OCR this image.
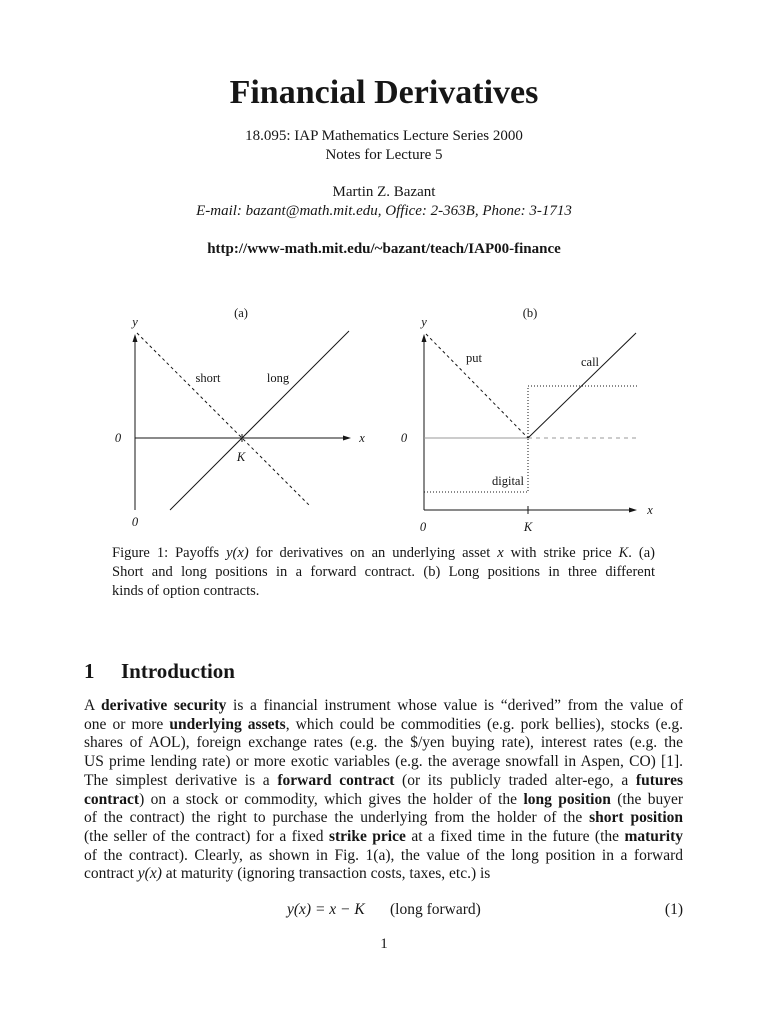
Financial Derivatives
18.095: IAP Mathematics Lecture Series 2000
Notes for Lecture 5
Martin Z. Bazant
E-mail: bazant@math.mit.edu, Office: 2-363B, Phone: 3-1713
http://www-math.mit.edu/~bazant/teach/IAP00-finance
(a)
y
short	long
0	x
K
0
(b)
y
put	call
digital
0
x
0	K
Figure 1: Payoffs y(x) for derivatives on an underlying asset x with strike price K. (a)
Short and long positions in a forward contract. (b) Long positions in three different
kinds of option contracts.
1 Introduction
A derivative security is a financial instrument whose value is “derived” from the value of
one or more underlying assets, which could be commodities (e.g. pork bellies), stocks (e.g.
shares of AOL), foreign exchange rates (e.g. the $/yen buying rate), interest rates (e.g. the
US prime lending rate) or more exotic variables (e.g. the average snowfall in Aspen, CO) [1].
The simplest derivative is a forward contract (or its publicly traded alter-ego, a futures
contract) on a stock or commodity, which gives the holder of the long position (the buyer
of the contract) the right to purchase the underlying from the holder of the short position
(the seller of the contract) for a fixed strike price at a fixed time in the future (the maturity
of the contract). Clearly, as shown in Fig. 1(a), the value of the long position in a forward
contract y(x) at maturity (ignoring transaction costs, taxes, etc.) is
y(x) = x − K (long forward)	(1)
1
